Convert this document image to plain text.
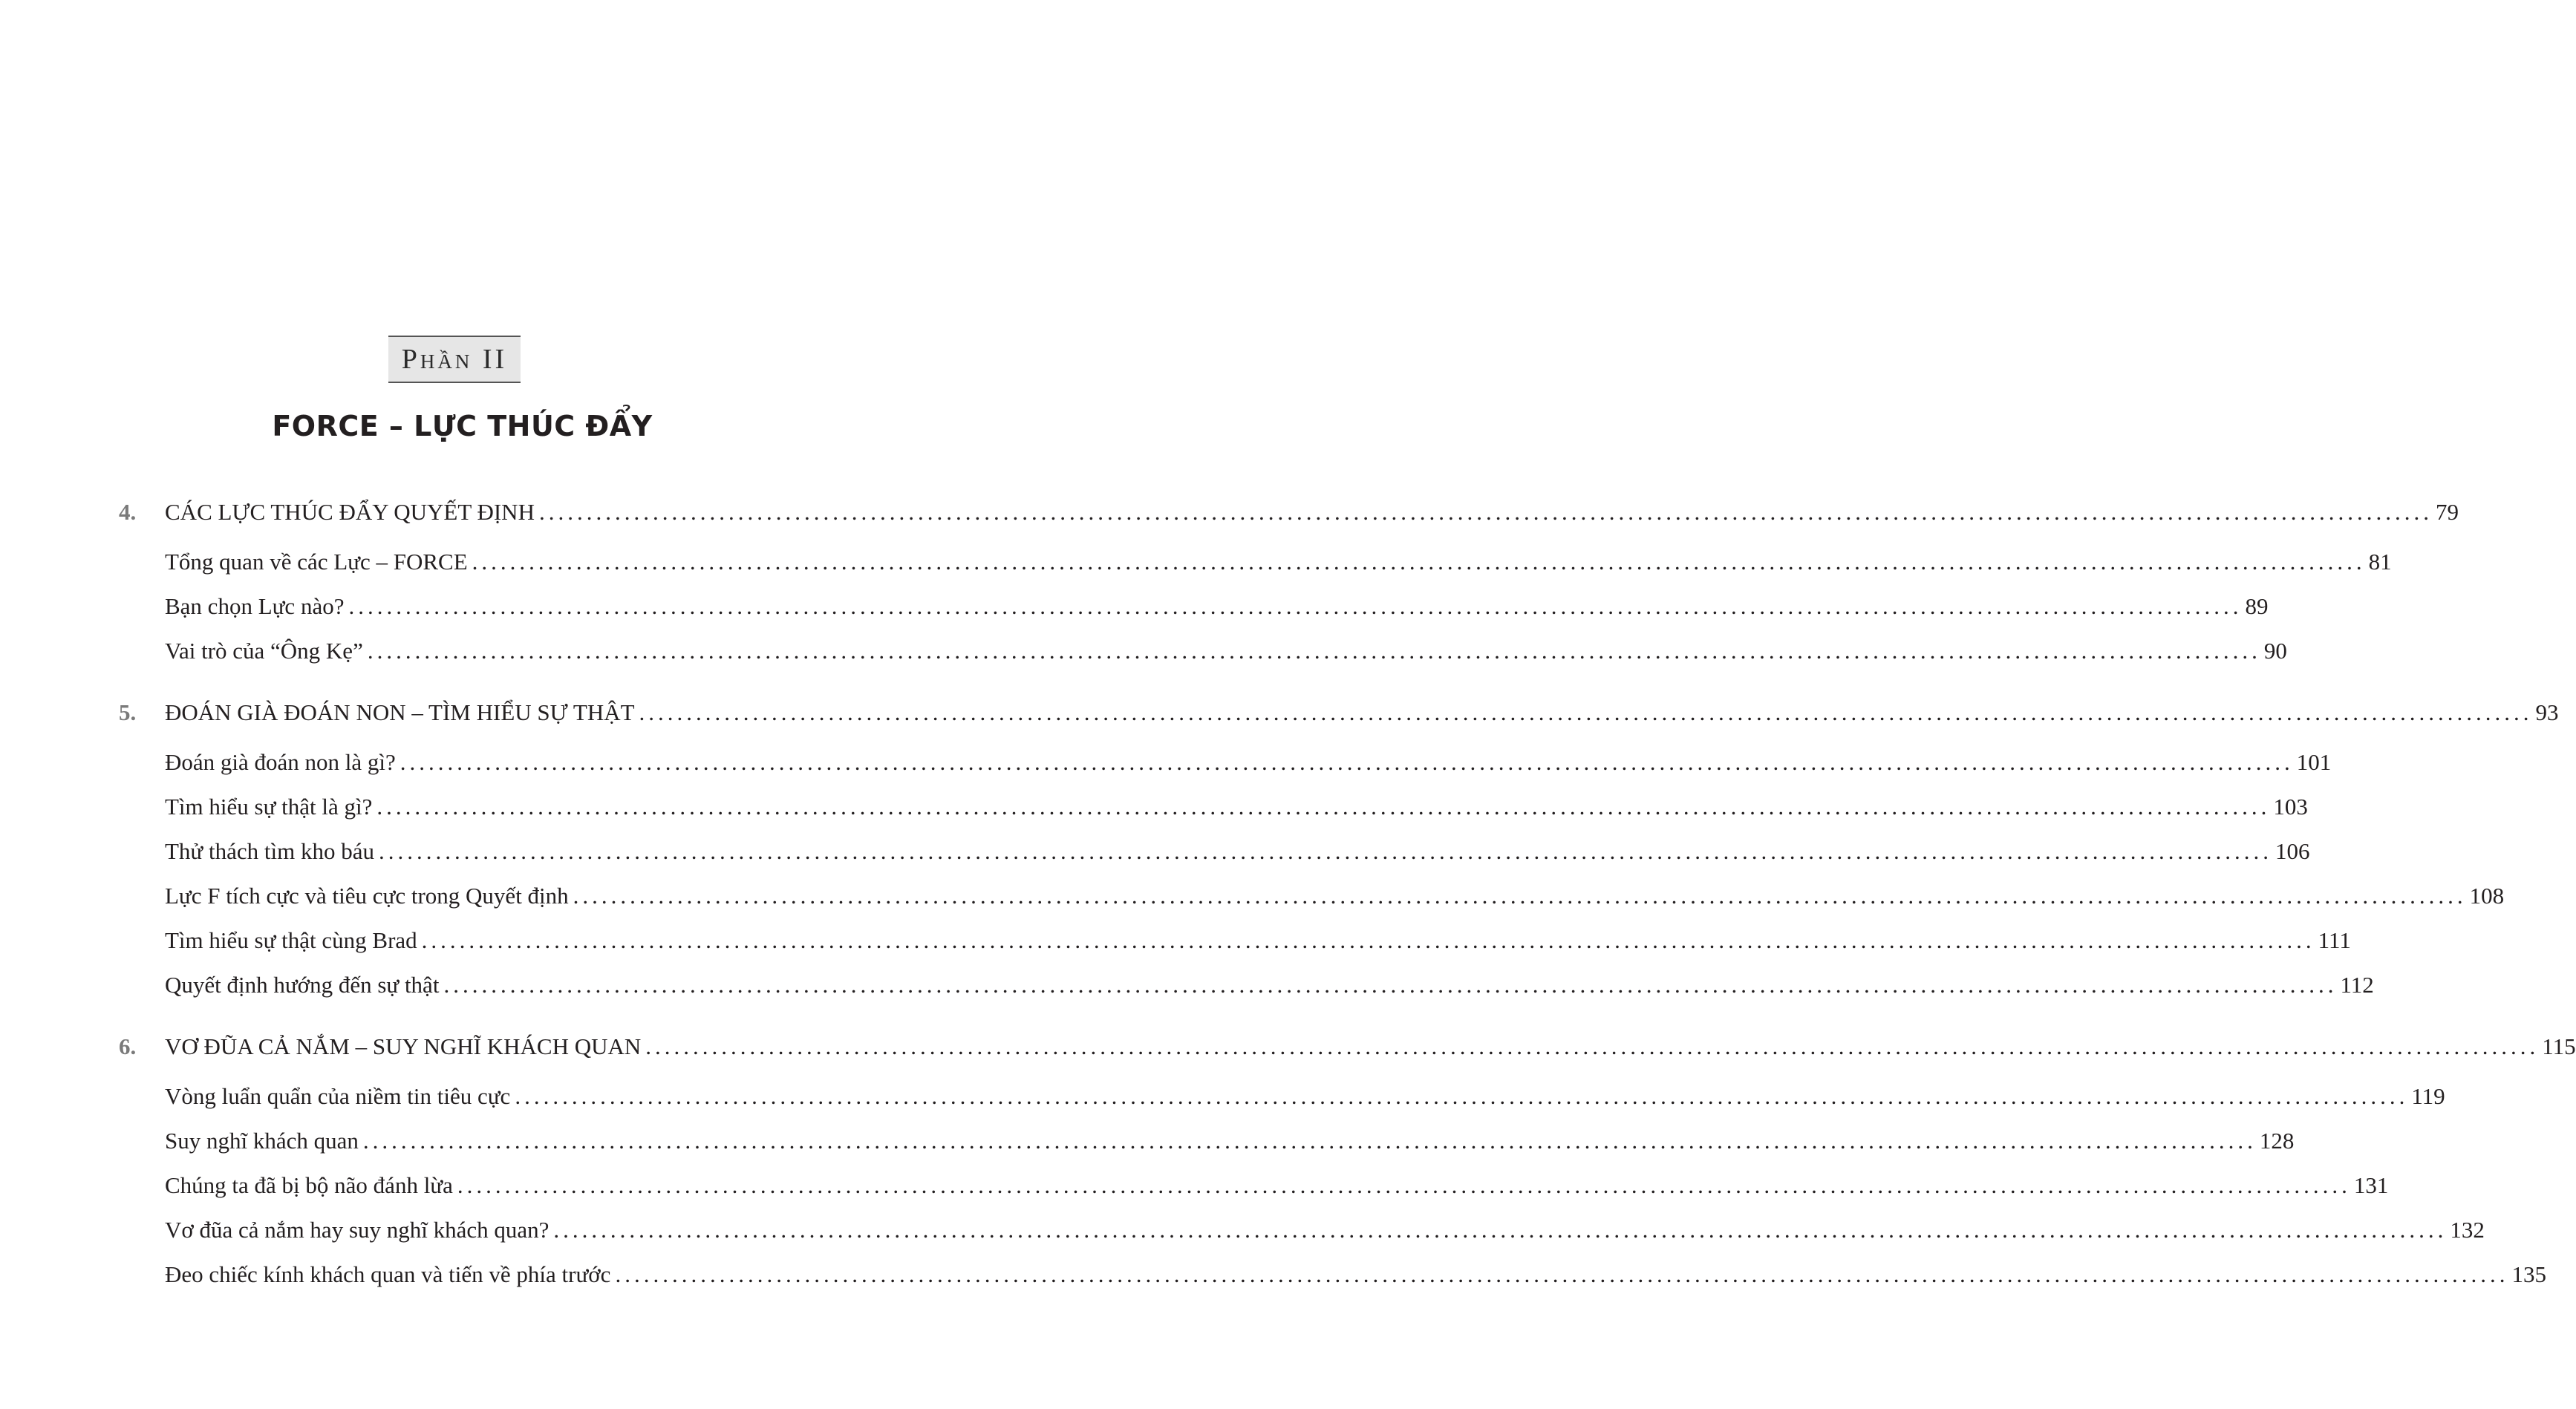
Phần II
FORCE – LỰC THÚC ĐẨY
4. CÁC LỰC THÚC ĐẨY QUYẾT ĐỊNH ........................................................................................................................................................................................................ 79
Tổng quan về các Lực – FORCE ........................................................................................................................................................................................................ 81
Bạn chọn Lực nào? ........................................................................................................................................................................................................ 89
Vai trò của “Ông Kẹ” ........................................................................................................................................................................................................ 90
5. ĐOÁN GIÀ ĐOÁN NON – TÌM HIỂU SỰ THẬT ........................................................................................................................................................................................................ 93
Đoán già đoán non là gì? ........................................................................................................................................................................................................ 101
Tìm hiểu sự thật là gì? ........................................................................................................................................................................................................ 103
Thử thách tìm kho báu ........................................................................................................................................................................................................ 106
Lực F tích cực và tiêu cực trong Quyết định ........................................................................................................................................................................................................ 108
Tìm hiểu sự thật cùng Brad ........................................................................................................................................................................................................ 111
Quyết định hướng đến sự thật ........................................................................................................................................................................................................ 112
6. VƠ ĐŨA CẢ NẮM – SUY NGHĨ KHÁCH QUAN ........................................................................................................................................................................................................ 115
Vòng luẩn quẩn của niềm tin tiêu cực ........................................................................................................................................................................................................ 119
Suy nghĩ khách quan ........................................................................................................................................................................................................ 128
Chúng ta đã bị bộ não đánh lừa ........................................................................................................................................................................................................ 131
Vơ đũa cả nắm hay suy nghĩ khách quan? ........................................................................................................................................................................................................ 132
Đeo chiếc kính khách quan và tiến về phía trước ........................................................................................................................................................................................................ 135
